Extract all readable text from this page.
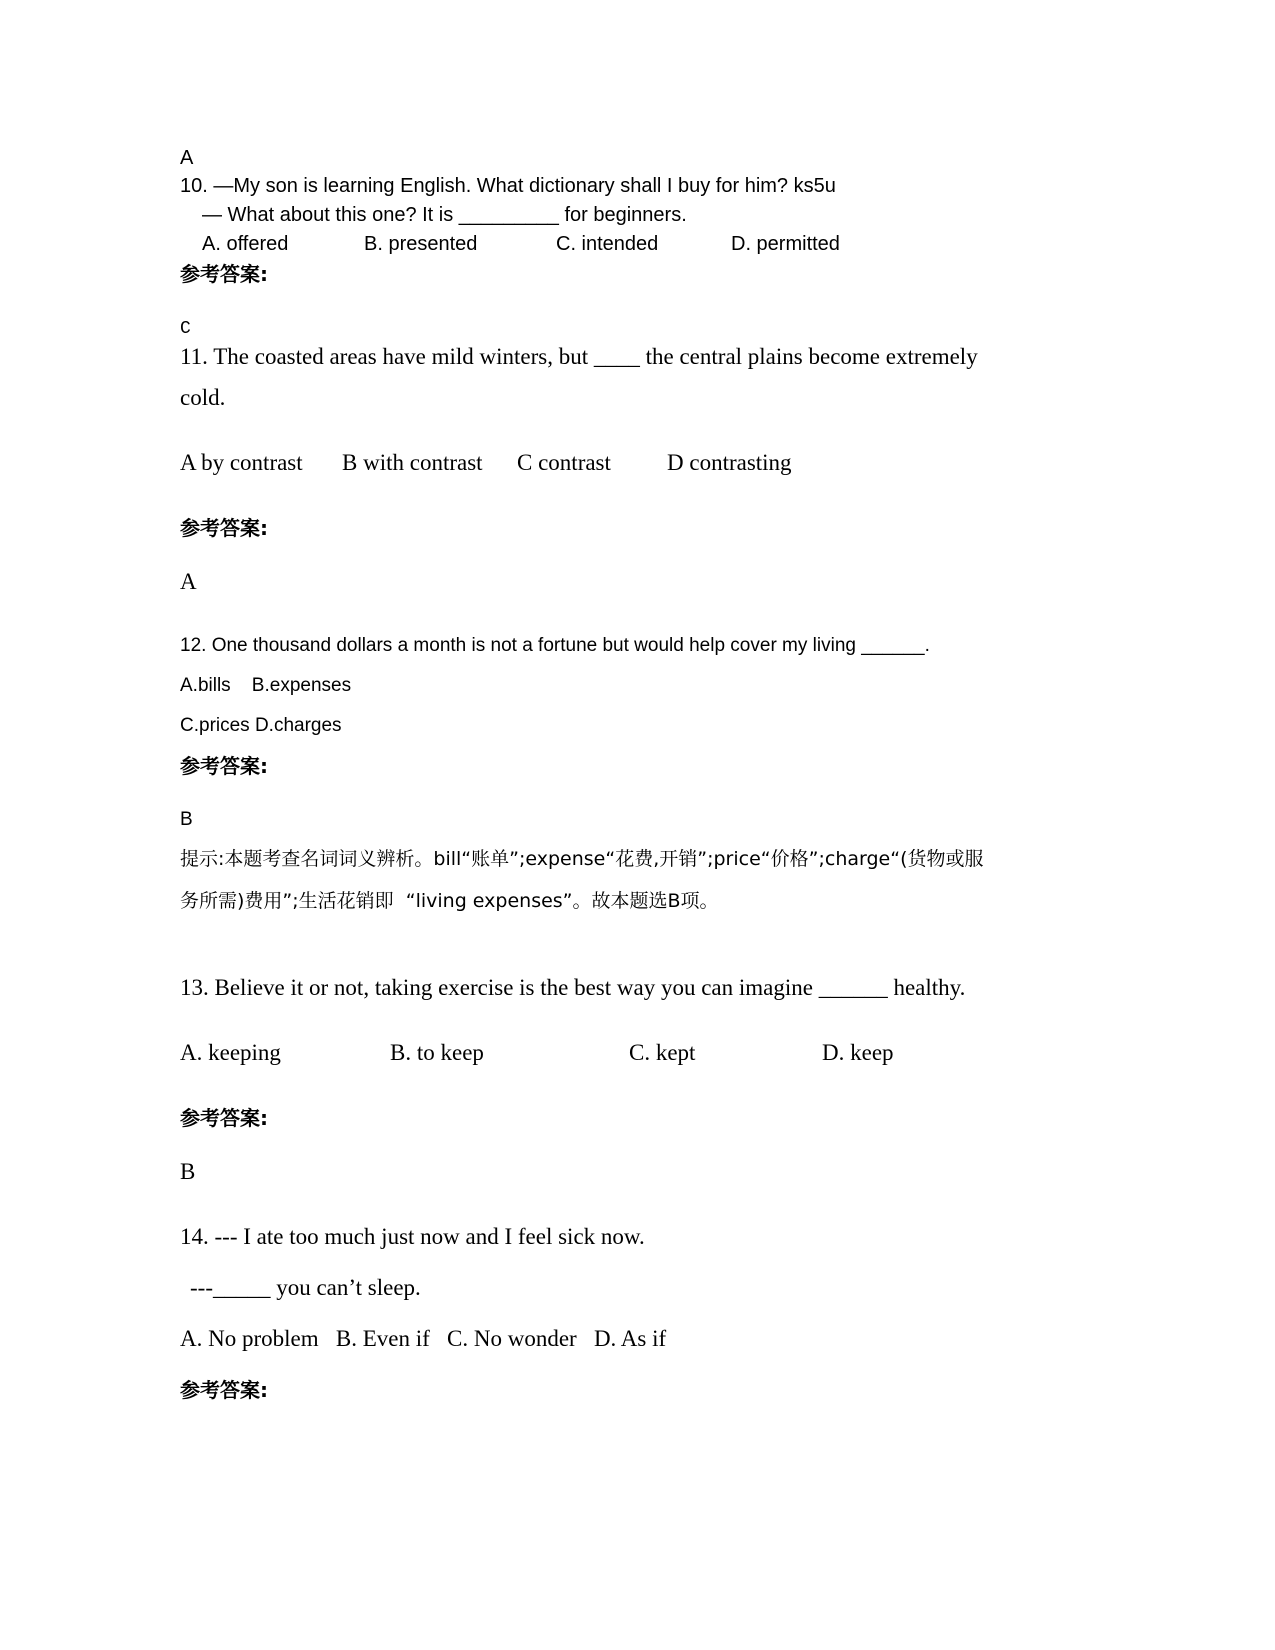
A
10. —My son is learning English. What dictionary shall I buy for him? ks5u
— What about this one? It is _________ for beginners.
A. offered	B. presented	C. intended	D. permitted
参考答案:
C
11. The coasted areas have mild winters, but ____ the central plains become extremely
cold.
A by contrast B with contrast C contrast D contrasting
参考答案:
A
12. One thousand dollars a month is not a fortune but would help cover my living ______.
A.bills    B.expenses
C.prices D.charges
参考答案:
B
提示:本题考查名词词义辨析。bill“账单”;expense“花费,开销”;price“价格”;charge“(货物或服
务所需)费用”;生活花销即  “living expenses”。故本题选B项。
13. Believe it or not, taking exercise is the best way you can imagine ______ healthy.
A. keeping	B. to keep	C. kept	D. keep
参考答案:
B
14. --- I ate too much just now and I feel sick now.
---_____ you can’t sleep.
A. No problem   B. Even if   C. No wonder   D. As if
参考答案:
